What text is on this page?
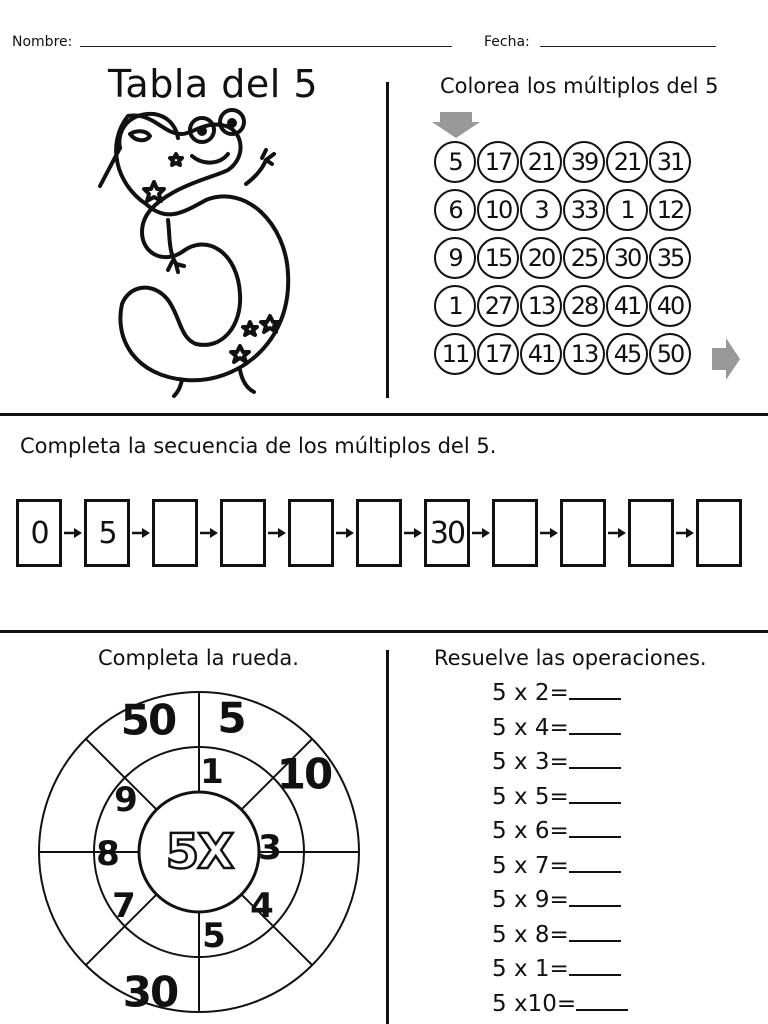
Nombre:	Fecha:
Tabla del 5	Colorea los múltiplos del 5
5 17 21 39 21 31
6 10 3 33 1 12
9 15 20 25 30 35
1 27 13 28 41 40
11 17 41 13 45 50
Completa la secuencia de los múltiplos del 5.
0	5	30
Completa la rueda.
5X
1
3
4
5
7
8
9
50 5
10
30
Resuelve las operaciones.
5 x 2=
5 x 4=
5 x 3=
5 x 5=
5 x 6=
5 x 7=
5 x 9=
5 x 8=
5 x 1=
5 x10=
